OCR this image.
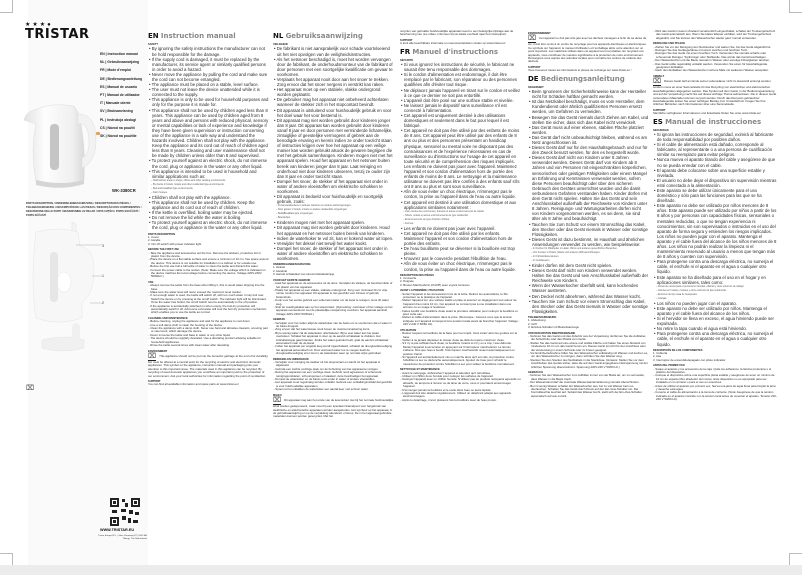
★★★●
TRISTAR
EN | Instruction manual
NL | Gebruiksaanwijzing
FR | Mode d'emploi
DE | Bedienungsanleitung
ES | Manual de usuario
PT | Manual de utilizador
IT | Manuale utente
SV | Bruksanvisning
PL | Instrukcja obsługi
CS | Návod na použití
SK | Návod na použitie
WK-3380CR
PARTS DESCRIPTION / ONDERDELENBESCHRIJVING / DESCRIPTION DES PIÈCES / TEILEBESCHREIBUNG / DESCRIPCIÓN DE LAS PIEZAS / DESCRIÇÃO DOS COMPONENTES / DESCRIZIONE DELLE PARTI / BESKRIVNING AV DELAR / OPIS CZĘŚCI / POPIS SOUČÁSTÍ / POPIS SÚČASTÍ
3
1
2
⌧
WWW.TRISTAR.EU
Tristar Europe B.V. | Jules Verneweg 87 | 5015 BH Tilburg | The Netherlands
EN Instruction manual
SAFETY
• By ignoring the safety instructions the manufacturer can not be hold responsible for the damage.
• If the supply cord is damaged, it must be replaced by the manufacturer, its service agent or similarly qualified persons in order to avoid a hazard.
• Never move the appliance by pulling the cord and make sure the cord can not become entangled.
• The appliance must be placed on a stable, level surface.
• The user must not leave the device unattended while it is connected to the supply.
• This appliance is only to be used for household purposes and only for the purpose it is made for.
• This appliance shall not be used by children aged less than 8 years. This appliance can be used by children aged from 8 years and above and persons with reduced physical, sensory or mental capabilities or lack of experience and knowledge if they have been given supervision or instruction concerning use of the appliance in a safe way and understand the hazards involved. Children shall not play with the appliance. Keep the appliance and its cord out of reach of children aged less than 8 years. Cleaning and user maintenance shall not be made by children unless older than 8 and supervised.
• To protect yourself against an electric shock, do not immerse the cord, plug or appliance in the water or any other liquid.
• This appliance is intended to be used in household and similar applications such as:
– Staff kitchen areas in shops, offices and other working environments.
– By clients in hotels, motels and other residential type environments.
– Bed and breakfast type environments.
– Farm houses.
• Children shall not play with the appliance.
• This appliance shall not be used by children. Keep the appliance and its cord out of reach of children.
• If the kettle is overfilled, boiling water may be ejected.
• Do not remove the lid while the water is boiling.
• To protect yourself against an electric shock, do not immerse the cord, plug or appliance in the water or any other liquid.
PARTS DESCRIPTION
1. Cover
2. Handle
3. On/ off switch with power indicator light
BEFORE THE FIRST USE
- Take the appliance and accessories out the box. Remove the stickers, protective foil or plastic from the device.
- Place the device on a flat stable surface and ensure a minimum of 10 cm. free space around the device. This device is not suitable for installation in a cabinet or for outside use.
- Before the first use boil a full kettle of water to clean the kettle and discard this water.
- Connect the power cable to the socket. (Note: Make sure the voltage which is indicated on the device matches the local voltage before connecting the device. Voltage 220V-240V 50/60Hz.)
USE
- Always remove the kettle from the base when filling it, this to avoid water dripping into the base.
- Make sure the water level will never exceed the maximum level marker.
- If not enough water is used, the kettle will switch off, with too much water it may boil over. Switch the device on by pressing at the on/off switch. The indicator light will be illuminated. Once the water has boiled, the on/off switch returns automatically to the off position.
- If the appliance is accidentally switched on when empty, the boil dry protection will automatically switch it off. Add some cold water will cool the boil dry protection mechanism which enables you to use the kettle as normal.
CLEANING AND MAINTENANCE
- Before cleaning, unplug the appliance and wait for the appliance to cool down.
- Use a soft damp cloth to clean the housing of the device.
- Clean the appliance with a damp cloth. Never use hard and abrasive cleaners, scouring pad or steel wool, which damage the device.
- Never immerse the kettle and base in water or any other liquid.
- The device should be regularly descaled. Use a descaling product advising suitable for household appliances.
- Rinse the kettle several times with clean water after descaling.
ENVIRONMENT
⌧ This appliance should not be put into the domestic garbage at the end of its durability, but must be offered at a central point for the recycling of electric and electronic domestic appliances. This symbol on the appliance, instruction manual and packaging puts your attention to this important issue. The materials used in this appliance can be recycled. By recycling of used domestic appliances you contribute an important push to the protection of our environment. Ask your local authorities for information regarding the point of recollection.
SUPPORT
You can find all available information and spare parts at www.tristar.eu!
NL Gebruiksaanwijzing
VEILIGHEID
• De fabrikant is niet aansprakelijk voor schade voortvloeiend uit het niet opvolgen van de veiligheidsinstructies.
• Als het netsnoer beschadigd is, moet het worden vervangen door de fabrikant, de onderhoudsmonteur van de fabrikant of door personen met een soortgelijke kwalificatie om gevaar te voorkomen.
• Verplaats het apparaat nooit door aan het snoer te trekken. Zorg ervoor dat het snoer nergens in verstrikt kan raken.
• Het apparaat moet op een stabiele, vlakke ondergrond worden geplaatst.
• De gebruiker mag het apparaat niet onbeheerd achterlaten wanneer de stekker zich in het stopcontact bevindt.
• Dit apparaat is uitsluitend voor huishoudelijk gebruik en voor het doel waar het voor bestemd is.
• Dit apparaat mag niet worden gebruikt door kinderen jonger dan 8 jaar. Dit apparaat kan worden gebruikt door kinderen vanaf 8 jaar en door personen met verminderde lichamelijke, zintuiglijke of geestelijke vermogens of gebrek aan de benodigde ervaring en kennis indien ze onder toezicht staan of instructies krijgen over hoe het apparaat op een veilige manier kan worden gebruikt alsook de gevaren begrijpen die met het gebruik samenhangen. Kinderen mogen niet met het apparaat spelen. Houd het apparaat en het netsnoer buiten bereik van kinderen jonger dan 8 jaar. Laat reiniging en onderhoud niet door kinderen uitvoeren, tenzij ze ouder zijn dan 8 jaar en onder toezicht staan.
• Dompel het snoer, de stekker of het apparaat niet onder in water of andere vloeistoffen om elektrische schokken te voorkomen.
• Dit apparaat is bedoeld voor huishoudelijk en soortgelijk gebruik, zoals:
– Personeelskeukens in winkels, kantoren en andere werkomgevingen.
– Door gasten in hotels, motels en andere residentiële omgevingen.
– Bed&Breakfast-type omgevingen.
– Boerderijen.
• Kinderen mogen niet met het apparaat spelen.
• Dit apparaat mag niet worden gebruikt door kinderen. Houd het apparaat en het netsnoer buiten bereik van kinderen.
• Indien de waterkoker te vol zit, kan er kokend water uit lopen.
• Verwijder het deksel niet terwijl het water kookt.
• Dompel het snoer, de stekker of het apparaat niet onder in water of andere vloeistoffen om elektrische schokken te voorkomen.
ONDERDELENBESCHRIJVING
1. Deksel
2. Handvat
3. Aan/uit schakelaar met stroomindicatielampje
VOOR HET EERSTE GEBRUIK
- Haal het apparaat en de accessoires uit de doos. Verwijder de stickers, de beschermfolie of het plastic van het apparaat.
- Plaats het apparaat op een vlakke, stabiele ondergrond. Zorg voor minimaal 10 cm vrije ruimte rondom het apparaat. Dit apparaat is niet geschikt voor inbouw of gebruik buitenshuis.
- Kook voor het eerste gebruik een volle ketel water om de ketel te reinigen. Gooi dit water weg.
- Sluit de voedingskabel aan op het stopcontact. (Opmerking: controleer of het voltage op het apparaat overeenkomt met de plaatselijke netspanning voordat u het apparaat aansluit. Voltage 220V-240V 50/60Hz.)
GEBRUIK
- Verwijder voor het vullen altijd de waterkoker van de basis om te voorkomen dat er water in de basis druppelt.
- Zorg ervoor dat het waterniveau nooit boven de maximummarkering komt.
- Bij te weinig water zal de waterkoker uitschakelen. Bij te veel water kan het water overkoken. Schakel het apparaat in door op de aan/uit schakelaar te drukken. Het indicatielampje gaat branden. Zodra het water gekookt heeft, gaat de aan/uit schakelaar automatisch naar de uit-stand.
- Indien het apparaat per ongeluk leeg wordt ingeschakeld, schakelt de droogkookbeveiliging het apparaat automatisch uit. Door wat koud water toe te voegen koelt de droogkookbeveiliging af en kunt u de waterkoker weer op normale wijze gebruiken.
REINIGING EN ONDERHOUD
- Verwijder voor reiniging de stekker uit het stopcontact en wacht tot het apparaat is afgekoeld.
- Gebruik een zachte vochtige doek om de behuizing van het apparaat te reinigen.
- Reinig het apparaat met een vochtige doek. Gebruik nooit agressieve of schurende reinigingsmiddelen, schuursponsen of staalwol, deze beschadigen het apparaat.
- Dompel de waterkoker en de basis nooit onder in water of andere vloeistoffen.
- Het apparaat moet regelmatig worden ontkalkt. Gebruik een ontkalkingsmiddel dat geschikt is voor huishoudelijke apparaten.
- Spoel na het ontkalken de waterkoker een aantal keer met schoon water.
MILIEU
⌧ Dit apparaat mag aan het einde van de levensduur niet bij het normale huishoudelijke afval worden gedeponeerd, maar moet bij een speciaal inzamelpunt voor hergebruik van elektrische en elektronische apparaten worden aangeboden. Het symbool op het apparaat, in de gebruiksaanwijzing en op de verpakking attendeert u hierop. De in het apparaat gebruikte materialen kunnen worden gerecycled. Met het
recyclen van gebruikte huishoudelijke apparaten levert u een belangrijke bijdrage aan de bescherming van ons milieu. Informeer bij uw lokale overheid naar het inzamelpunt.
SUPPORT
U kunt alle beschikbare informatie en reserveonderdelen vinden op www.tristar.eu!
FR Manuel d'instructions
SÉCURITÉ
• Si vous ignorez les instructions de sécurité, le fabricant ne saurait être tenu responsable des dommages.
• Si le cordon d'alimentation est endommagé, il doit être remplacé par le fabricant, son réparateur ou des personnes qualifiées afin d'éviter tout risque.
• Ne déplacez jamais l'appareil en tirant sur le cordon et veillez à ce que ce dernier ne soit pas entortillé.
• L'appareil doit être posé sur une surface stable et nivelée.
• Ne laissez jamais le dispositif sans surveillance s'il est connecté à l'alimentation.
• Cet appareil est uniquement destiné à des utilisations domestiques et seulement dans le but pour lequel il est fabriqué.
• Cet appareil ne doit pas être utilisé par des enfants de moins de 8 ans. Cet appareil peut être utilisé par des enfants de 8 ans ou plus et des personnes présentant un handicap physique, sensoriel ou mental voire ne disposant pas des connaissances et de l'expérience nécessaires en cas de surveillance ou d'instructions sur l'usage de cet appareil en toute sécurité et de compréhension des risques impliqués. Les enfants ne doivent pas jouer avec l'appareil. Maintenez l'appareil et son cordon d'alimentation hors de portée des enfants de moins de 8 ans. Le nettoyage et la maintenance utilisateur ne doivent pas être confiés à des enfants sauf s'ils ont 8 ans ou plus et sont sous surveillance.
• Afin de vous éviter un choc électrique, n'immergez pas le cordon, la prise ou l'appareil dans de l'eau ou autre liquide.
• Cet appareil est destiné à une utilisation domestique et aux applications similaires notamment :
– Coin cuisine des commerces, bureaux et autres environnements de travail.
– Hôtels, motels et autres environnements de type résidentiel.
– Environnements de type chambre d'hôtes.
– Fermes.
• Les enfants ne doivent pas jouer avec l'appareil.
• Cet appareil ne doit pas être utilisé par les enfants. Maintenez l'appareil et son cordon d'alimentation hors de portée des enfants.
• De l'eau bouillante peut se déverser si la bouilloire est trop pleine.
• N'ouvrez pas le couvercle pendant l'ébullition de l'eau.
• Afin de vous éviter un choc électrique, n'immergez pas le cordon, la prise ou l'appareil dans de l'eau ou autre liquide.
DESCRIPTION DES PIÈCES
1. Couvercle
2. Poignée
3. Bouton Marche/Arrêt (On/Off) avec voyant lumineux
AVANT LA PREMIÈRE UTILISATION
- Sortez l'appareil et les accessoires hors de la boîte. Retirez les autocollants, le film protecteur ou le plastique de l'appareil.
- Mettez l'appareil sur une surface stable et plate et assurez un dégagement tout autour de l'appareil d'au moins 10 cm. Cet appareil ne convient pas à une installation dans une armoire ou un usage à l'extérieur.
- Faites bouillir une bouilloire d'eau avant la première utilisation pour nettoyer la bouilloire et jetez cette eau.
- Mettez le câble d'alimentation dans la prise. (Remarque : Assurez-vous que la tension indiquée sur l'appareil correspond à la tension locale avant de brancher l'appareil. Voltage : 220 V-240 V 50/60 Hz).
UTILISATION
- Retirez toujours la bouilloire de la base pour la remplir. Vous évitez ainsi les gouttes sur la base.
- Veillez à ne jamais dépasser le niveau d'eau au-delà du repère maximum d'eau.
- S'il n'y a pas suffisamment d'eau, la bouilloire s'éteint et s'il y en a trop, l'eau déborde. Mettez l'appareil sous tension en appuyant sur l'interrupteur marche/arrêt. Le témoin s'allume. Dès que l'eau a bouilli, l'interrupteur marche/arrêt revient automatiquement en position d'arrêt.
- Si l'appareil est accidentellement mis en marche alors qu'il est vide, la protection contre l'ébullition à sec se déclenche automatiquement. Ajoutez de l'eau pour refroidir le mécanisme de protection contre l'ébullition à sec pour utiliser la bouilloire normalement.
NETTOYAGE ET MAINTENANCE
- Avant le nettoyage, débranchez l'appareil et attendez qu'il refroidisse.
- Utilisez un chiffon doux humide pour nettoyer les surfaces de l'appareil.
- Nettoyez l'appareil avec un chiffon humide. N'utilisez pas de produits nettoyants agressifs ou abrasifs, de tampons à récurer ou de laine de verre, ceux-ci pourraient endommager l'appareil.
- N'immergez jamais la bouilloire et le socle dans l'eau ou autre liquide.
- L'appareil doit être détartré régulièrement. Utilisez un détartrant adapté aux appareils électroménagers.
- Après le détartrage, rincez plusieurs fois la bouilloire avec de l'eau propre.
ENVIRONNEMENT
⌧ Cet appareil ne doit pas être jeté avec les déchets ménagers à la fin de sa durée de vie, il doit être remis à un centre de recyclage pour les appareils électriques et électroniques. Ce symbole sur l'appareil, le manuel d'utilisation et l'emballage attire votre attention sur un point important. Les matériaux utilisés dans cet appareil sont recyclables. En recyclant vos appareils, vous contribuez de manière significative à la protection de notre environnement. Renseignez-vous auprès des autorités locales pour connaître les centres de collecte des déchets.
SUPPORT
Vous trouverez toutes les informations et pièces de rechange sur www.tristar.eu !
DE Bedienungsanleitung
SICHERHEIT
• Beim Ignorieren der Sicherheitshinweise kann der Hersteller nicht für Schäden haftbar gemacht werden.
• Ist das Netzkabel beschädigt, muss es vom Hersteller, dem Kundendienst oder ähnlich qualifizierten Personen ersetzt werden, um Gefahren zu vermeiden.
• Bewegen Sie das Gerät niemals durch Ziehen am Kabel, und stellen Sie sicher, dass sich das Kabel nicht verwickelt.
• Das Gerät muss auf einer ebenen, stabilen Fläche platziert werden.
• Das Gerät darf nicht unbeaufsichtigt bleiben, während es am Netz angeschlossen ist.
• Dieses Gerät darf nur für den Haushaltsgebrauch und nur für den Zweck benutzt werden, für den es hergestellt wurde.
• Dieses Gerät darf nicht von Kindern unter 8 Jahren verwendet werden. Dieses Gerät darf von Kindern ab 8 Jahren und von Personen mit eingeschränkten körperlichen, sensorischen oder geistigen Fähigkeiten oder einem Mangel an Erfahrung und Kenntnissen verwendet werden, sofern diese Personen beaufsichtigt oder über den sicheren Gebrauch des Gerätes unterrichtet wurden und die damit verbundenen Gefahren verstanden haben. Kinder dürfen mit dem Gerät nicht spielen. Halten Sie das Gerät und sein Anschlusskabel außerhalb der Reichweite von Kindern unter 8 Jahren. Reinigungs- und Wartungsarbeiten dürfen nicht von Kindern vorgenommen werden, es sei denn, sie sind älter als 8 Jahre und beaufsichtigt.
• Tauchen Sie zum Schutz vor einem Stromschlag das Kabel, den Stecker oder das Gerät niemals in Wasser oder sonstige Flüssigkeiten.
• Dieses Gerät ist dazu bestimmt, im Haushalt und ähnlichen Anwendungen verwendet zu werden, wie beispielsweise:
– In Küchen für Mitarbeiter in Läden, Büros und anderen gewerblichen Bereichen.
– Von Kunden in Hotels, Motels und anderen Wohneinrichtungen.
– In Frühstückspensionen.
– In Gutshäusern.
• Kinder dürfen mit dem Gerät nicht spielen.
• Dieses Gerät darf nicht von Kindern verwendet werden. Halten Sie das Gerät und sein Anschlusskabel außerhalb der Reichweite von Kindern.
• Wenn der Wasserkocher überfüllt wird, kann kochendes Wasser austreten.
• Den Deckel nicht abnehmen, während das Wasser kocht.
• Tauchen Sie zum Schutz vor einem Stromschlag das Kabel, den Stecker oder das Gerät niemals in Wasser oder sonstige Flüssigkeiten.
TEILEBESCHREIBUNG
1. Abdeckung
2. Griff
3. Ein/Aus-Schalter mit Betriebsanzeige
VOR DER ERSTEN INBETRIEBNAHME
- Nehmen Sie das Gerät und das Zubehör aus der Verpackung. Entfernen Sie die Aufkleber, die Schutzfolie oder das Plastik vom Gerät.
- Stellen Sie das Gerät auf eine ebene und stabile Fläche und halten Sie einen Abstand von mindestens 10 cm um das Gerät herum ein. Dieses Gerät ist nicht für den Anschluss oder die Verwendung in einem Schrank oder im Freien geeignet.
- Vor Erstinbetriebnahme füllen Sie den Wasserkocher vollständig mit Wasser und kochen es, um den Wasserkocher zu reinigen, dann schütten Sie das Wasser weg.
- Stecken Sie den Stecker des Netzkabels in die Steckdose. (Hinweis: Stellen Sie vor dem Anschließen des Geräts sicher, dass die auf dem Gerät angegebene Netzspannung mit der örtlichen Spannung übereinstimmt. Spannung 220V-240 V 50/60 Hz.)
GEBRAUCH
- Nehmen Sie den Wasserkocher zum Auffüllen immer von der Basis ab, um zu vermeiden, dass Wasser in die Basis tropft.
- Der Wasserstand darf die maximale Wasserstandsmarkierung niemals überschreiten.
- Bei zu wenig Wasser schaltet der Wasserkocher aus, bei zu viel Wasser kann es überkochen. Schalten Sie das Gerät durch Druck auf den Ein-/Aus-Schalter ein. Die Kontrollleuchte leuchtet auf. Sobald das Wasser kocht, stellt sich der Ein-/Aus-Schalter automatisch auf aus zurück.
- Wird das Gerät in leerem Zustand versehentlich eingeschaltet, schaltet der Trockengehschutz das Gerät automatisch aus. Wenn Sie kaltes Wasser einfüllen, wird der Trockengehschutz abgekühlt, und Sie können den Wasserkocher wieder ganz normal verwenden.
REINIGUNG UND PFLEGE
- Ziehen Sie vor der Reinigung den Netzstecker und warten Sie, bis das Gerät abgekühlt ist.
- Reinigen Sie das Gerätegehäuse mit einem weichen und feuchten Tuch.
- Reinigen Sie das Gerät mit einem feuchten Tuch. Verwenden Sie niemals scharfe oder scheuernde Reiniger, Topfreiniger oder Stahlwolle. Das würde das Gerät beschädigen.
- Den Wasserkocher und die Basis niemals in Wasser oder sonstige Flüssigkeiten tauchen.
- Das Gerät sollte regelmäßig entkalkt werden. Verwenden Sie einen für Haushaltsgeräte geeigneten Entkalker.
- Nach dem Entkalken den Wasserkocher mehrere Male mit sauberem Wasser ausspülen.
UMWELT
⌧ Dieses Gerät darf am Ende seiner Lebensdauer nicht im Hausmüll entsorgt werden, sondern muss an einer Sammelstelle für das Recycling von elektrischen und elektronischen Haushaltsgeräten abgegeben werden. Das Symbol auf dem Gerät, in der Bedienungsanleitung und auf der Verpackung macht Sie auf dieses wichtige Thema aufmerksam. Die in diesem Gerät verwendeten Materialien können recycelt werden. Durch das Recyceln gebrauchter Haushaltsgeräte leisten Sie einen wichtigen Beitrag zum Umweltschutz. Fragen Sie Ihre örtlichen Behörden nach Informationen über eine Sammelstelle.
SUPPORT
Sämtliche verfügbaren Informationen und Ersatzteile finden Sie unter www.tristar.eu!
ES Manual de instrucciones
SEGURIDAD
• Si ignora las instrucciones de seguridad, eximirá al fabricante de toda responsabilidad por posibles daños.
• Si el cable de alimentación está dañado, corresponde al fabricante, al representante o a una persona de cualificación similar su reemplazo para evitar peligros.
• Nunca mueva el aparato tirando del cable y asegúrese de que no se pueda enredar con el cable.
• El aparato debe colocarse sobre una superficie estable y nivelada.
• El usuario no debe dejar el dispositivo sin supervisión mientras esté conectado a la alimentación.
• Este aparato se debe utilizar únicamente para el uso doméstico y sólo para las funciones para las que se ha diseñado.
• Este aparato no debe ser utilizado por niños menores de 8 años. Este aparato puede ser utilizado por niños a partir de los 8 años y por personas con capacidades físicas, sensoriales o mentales reducidas, o que no tengan experiencia ni conocimientos, sin son supervisados o instruidos en el uso del aparato de forma segura y entienden los riesgos implicados. Los niños no pueden jugar con el aparato. Mantenga el aparato y el cable fuera del alcance de los niños menores de 8 años. Los niños no podrán realizar la limpieza ni el mantenimiento reservado al usuario a menos que tengan más de 8 años y cuenten con supervisión.
• Para protegerse contra una descarga eléctrica, no sumerja el cable, el enchufe ni el aparato en el agua o cualquier otro líquido.
• Este aparato se ha diseñado para el uso en el hogar y en aplicaciones similares, tales como:
– Zonas de cocina para el personal en tiendas, oficinas y otros entornos de trabajo.
– Clientes en hoteles, moteles y otros entornos de tipo residencial.
– Entornos de tipo casa de huéspedes.
– Granjas.
• Los niños no pueden jugar con el aparato.
• Este aparato no debe ser utilizado por niños. Mantenga el aparato y el cable fuera del alcance de los niños.
• Si el hervidor se llena en exceso, el agua hirviendo puede ser expulsada.
• No retire la tapa cuando el agua está hirviendo.
• Para protegerse contra una descarga eléctrica, no sumerja el cable, el enchufe ni el aparato en el agua o cualquier otro líquido.
DESCRIPCIÓN DE LOS COMPONENTES
1. Cubierta
2. Asa
3. Interruptor de encendido/apagado con piloto indicador
ANTES DEL PRIMER USO
- Saque el aparato y los accesorios de la caja. Quite los adhesivos, la lámina protectora o el plástico del dispositivo.
- Coloque el dispositivo sobre una superficie plana estable y asegúrese de tener un mínimo de 10 cm de espacio libre alrededor del mismo. Este dispositivo no es apropiado para ser instalado en un armario o para el uso en exteriores.
- Antes de utilizar el aparato por primera vez, hierva una jarra de agua llena para limpiar la jarra y deseche esta agua.
- Conecte el cable de alimentación a la toma de corriente. (Nota: Asegúrese de que la tensión indicada en el aparato coincide con la tensión local antes de conectar el aparato. Tensión 220-240 V 50/60 Hz).
